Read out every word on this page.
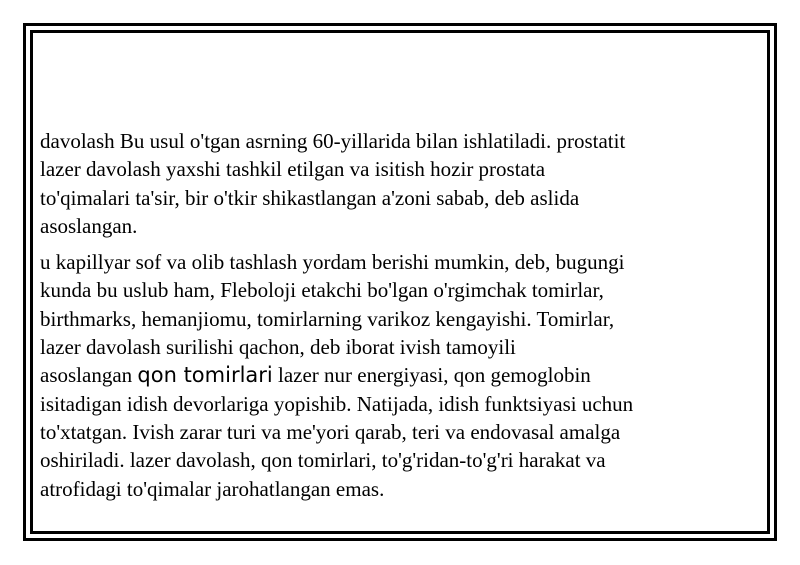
davolash Bu usul o'tgan asrning 60-yillarida bilan ishlatiladi. prostatit

lazer davolash yaxshi tashkil etilgan va isitish hozir prostata

to'qimalari ta'sir, bir o'tkir shikastlangan a'zoni sabab, deb aslida

asoslangan.

u kapillyar sof va olib tashlash yordam berishi mumkin, deb, bugungi

kunda bu uslub ham, Fleboloji etakchi bo'lgan o'rgimchak tomirlar,

birthmarks, hemanjiomu, tomirlarning varikoz kengayishi. Tomirlar,

lazer davolash surilishi qachon, deb iborat ivish tamoyili

asoslangan qon tomirlari lazer nur energiyasi, qon gemoglobin

isitadigan idish devorlariga yopishib. Natijada, idish funktsiyasi uchun

to'xtatgan. Ivish zarar turi va me'yori qarab, teri va endovasal amalga

oshiriladi. lazer davolash, qon tomirlari, to'g'ridan-to'g'ri harakat va

atrofidagi to'qimalar jarohatlangan emas.
